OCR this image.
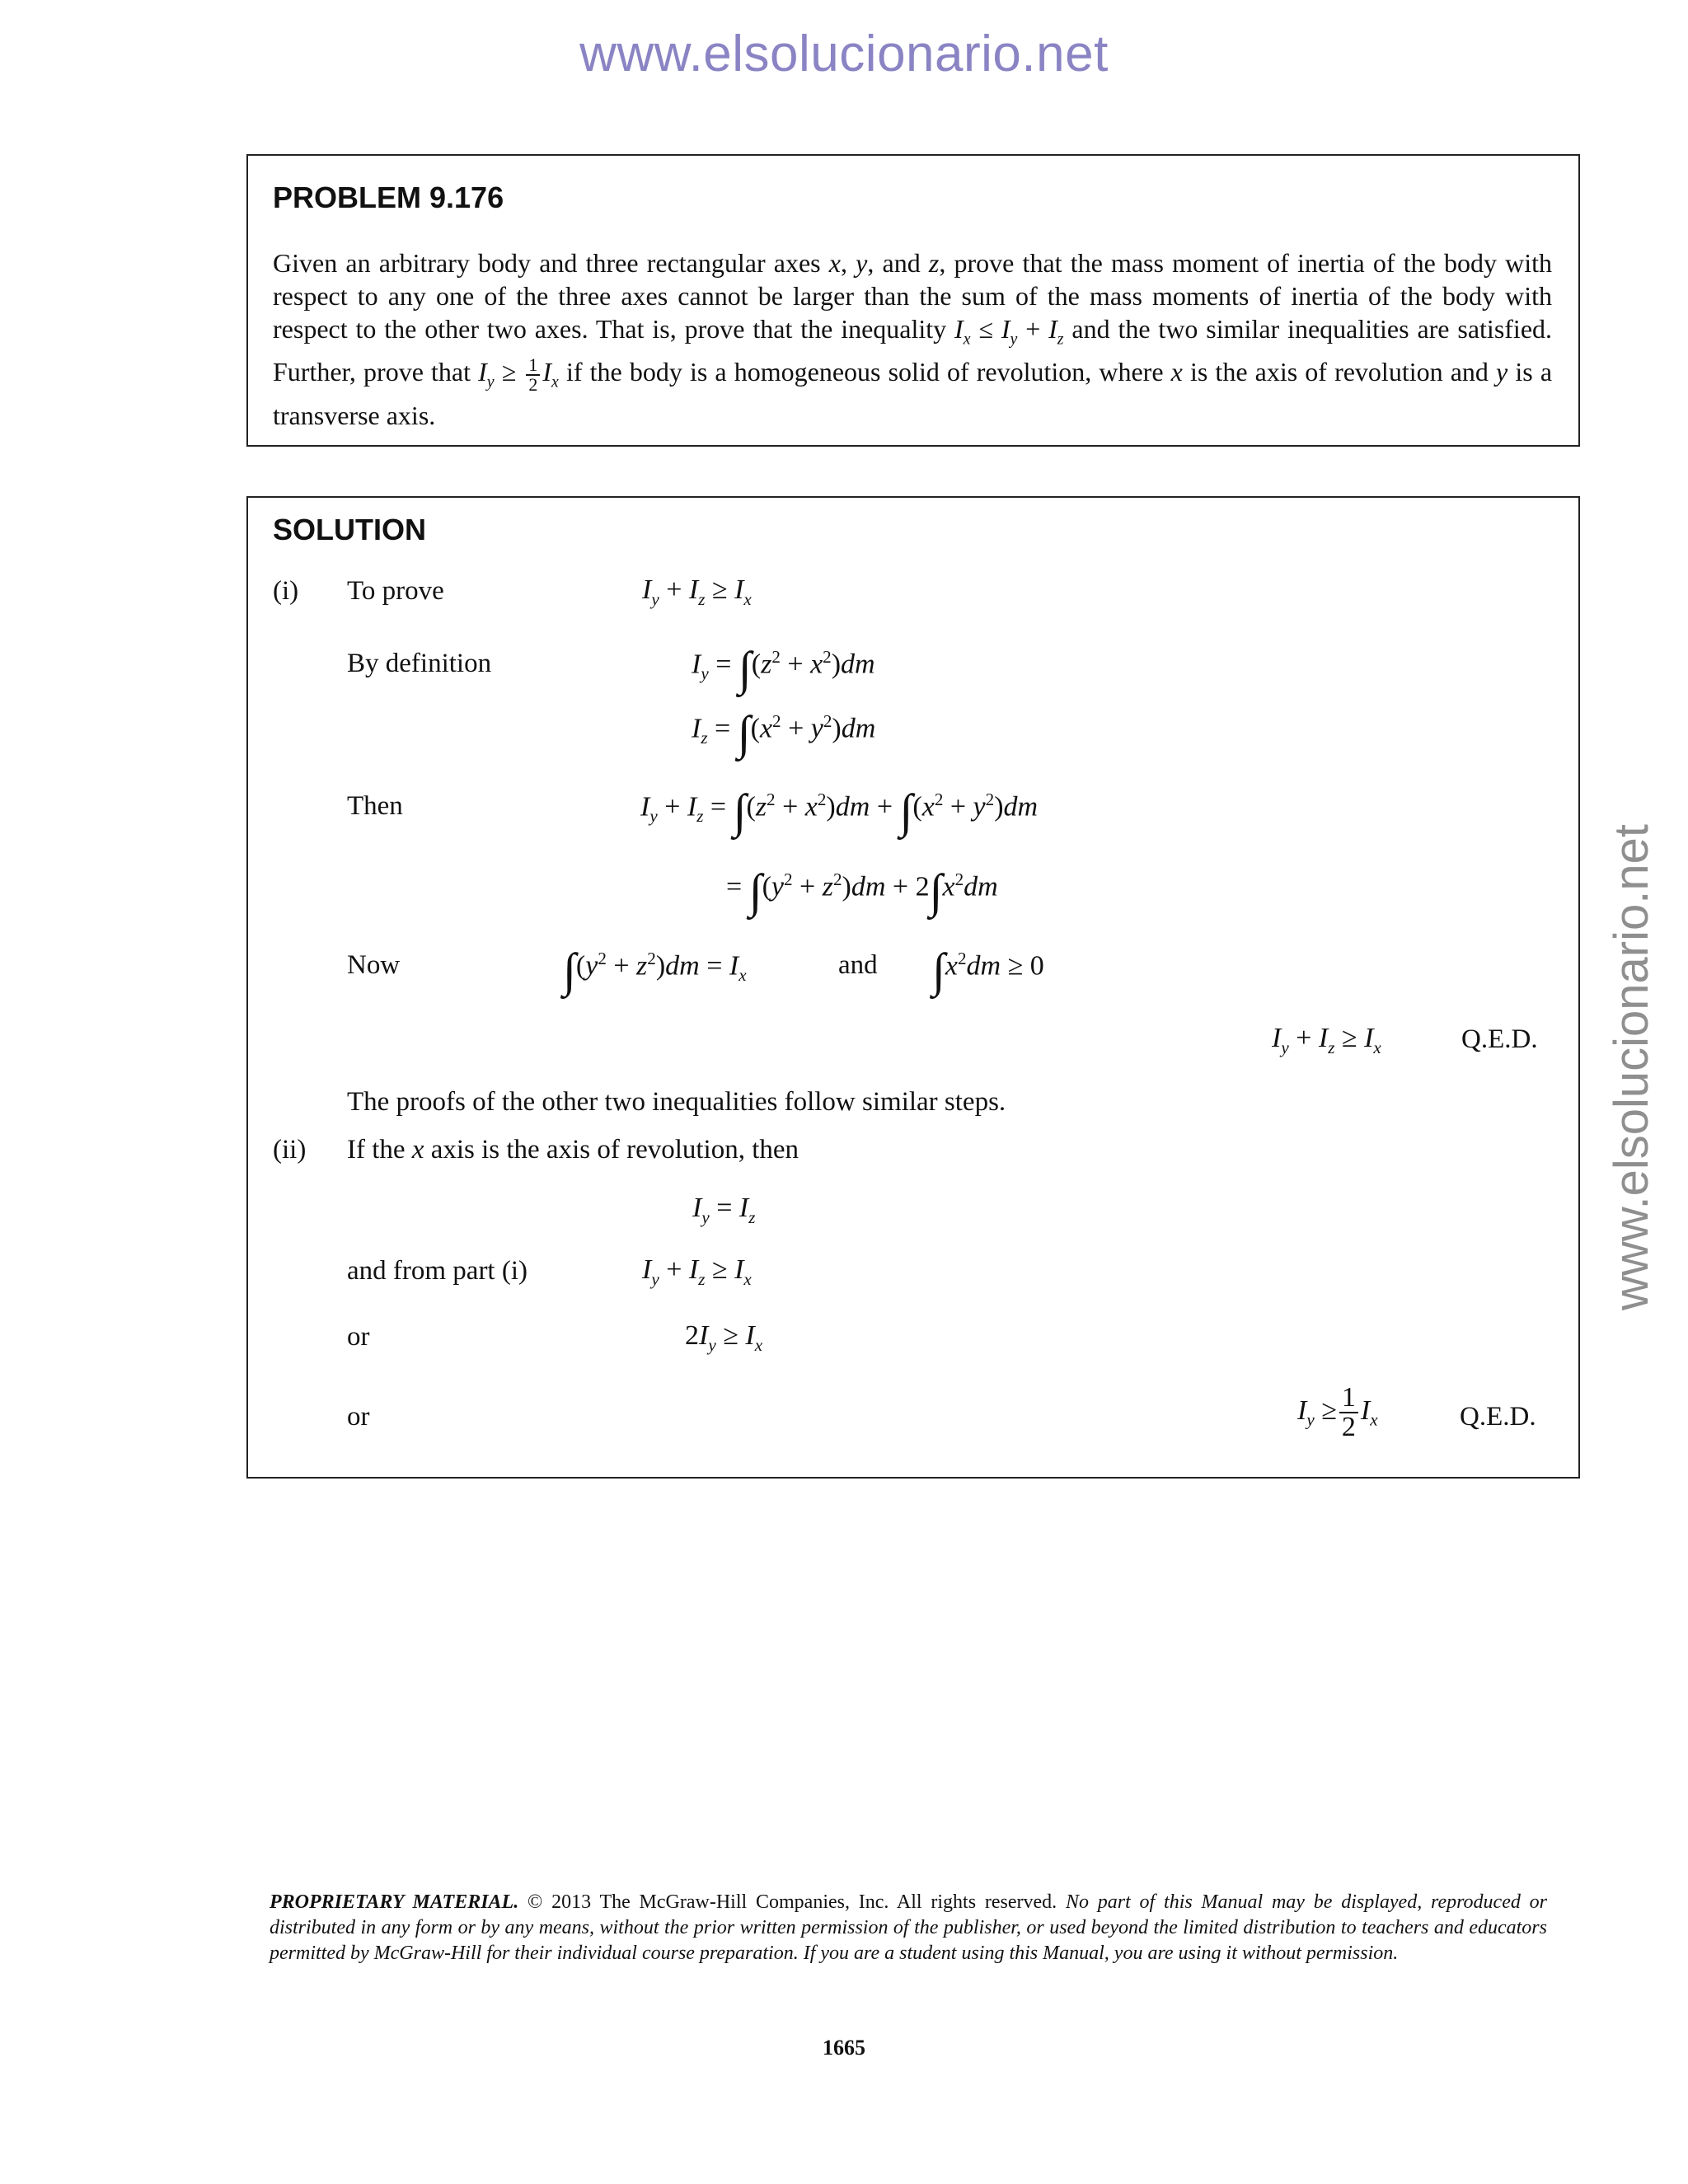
www.elsolucionario.net
www.elsolucionario.net
PROBLEM 9.176
Given an arbitrary body and three rectangular axes x, y, and z, prove that the mass moment of inertia of the body with respect to any one of the three axes cannot be larger than the sum of the mass moments of inertia of the body with respect to the other two axes. That is, prove that the inequality $I_x \le I_y + I_z$ and the two similar inequalities are satisfied. Further, prove that $I_y \ge \frac{1}{2} I_x$ if the body is a homogeneous solid of revolution, where x is the axis of revolution and y is a transverse axis.
SOLUTION
(i) To prove	$I_y + I_z \ge I_x$
By definition	$I_y = \int(z^2 + x^2)dm$
$I_z = \int(x^2 + y^2)dm$
Then	$I_y + I_z = \int(z^2 + x^2)dm + \int(x^2 + y^2)dm$
= $\int(y^2 + z^2)dm + 2\int x^2dm$
Now	$\int(y^2 + z^2)dm = I_x$	and $\int x^2dm \ge 0$
$I_y + I_z \ge I_x$	Q.E.D.
The proofs of the other two inequalities follow similar steps.
(ii) If the x axis is the axis of revolution, then
$I_y = I_z$
and from part (i)	$I_y + I_z \ge I_x$
or	$2I_y \ge I_x$
or	$I_y \ge \frac{1}{2} I_x$	Q.E.D.
PROPRIETARY MATERIAL. © 2013 The McGraw-Hill Companies, Inc. All rights reserved. No part of this Manual may be displayed, reproduced or distributed in any form or by any means, without the prior written permission of the publisher, or used beyond the limited distribution to teachers and educators permitted by McGraw-Hill for their individual course preparation. If you are a student using this Manual, you are using it without permission.
1665
